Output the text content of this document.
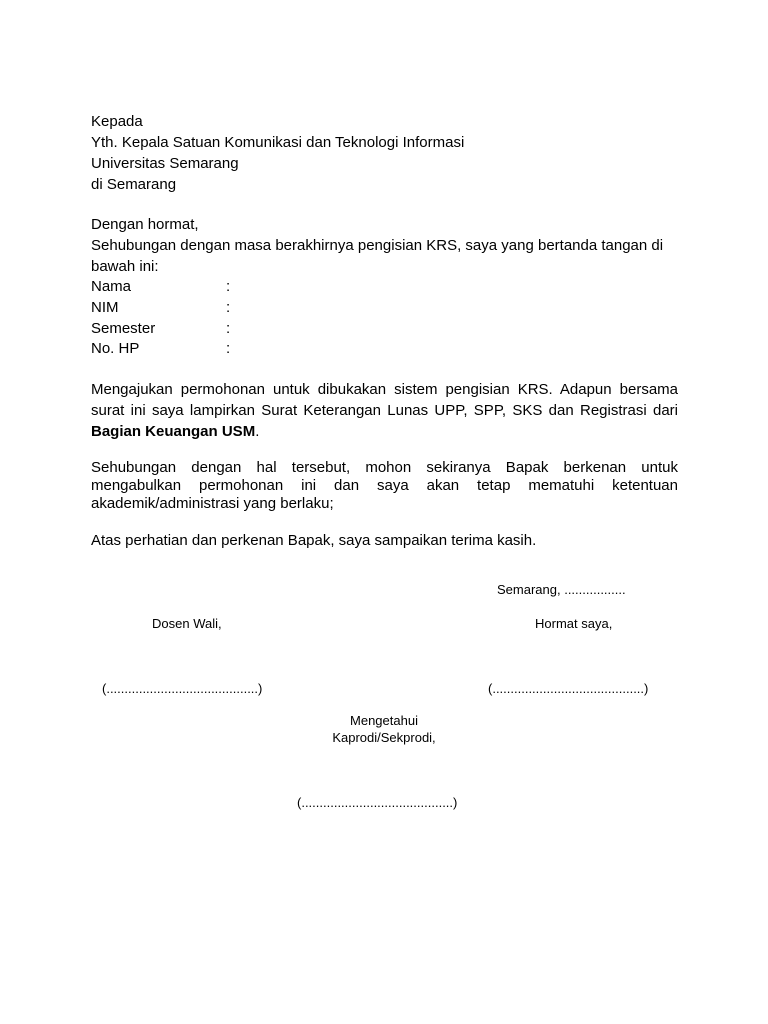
Kepada
Yth. Kepala Satuan Komunikasi dan Teknologi Informasi
Universitas Semarang
di Semarang
Dengan hormat,
Sehubungan dengan masa berakhirnya pengisian KRS, saya yang bertanda tangan di
bawah ini:
Nama	:
NIM	:
Semester	:
No. HP	:
Mengajukan permohonan untuk dibukakan sistem pengisian KRS. Adapun bersama surat ini saya lampirkan Surat Keterangan Lunas UPP, SPP, SKS dan Registrasi dari Bagian Keuangan USM.
Sehubungan dengan hal tersebut, mohon sekiranya Bapak berkenan untuk mengabulkan permohonan ini dan saya akan tetap mematuhi ketentuan akademik/administrasi yang berlaku;
Atas perhatian dan perkenan Bapak, saya sampaikan terima kasih.
Semarang, .................
Dosen Wali,	Hormat saya,
(..........................................)	(..........................................)
Mengetahui
Kaprodi/Sekprodi,
(..........................................)
